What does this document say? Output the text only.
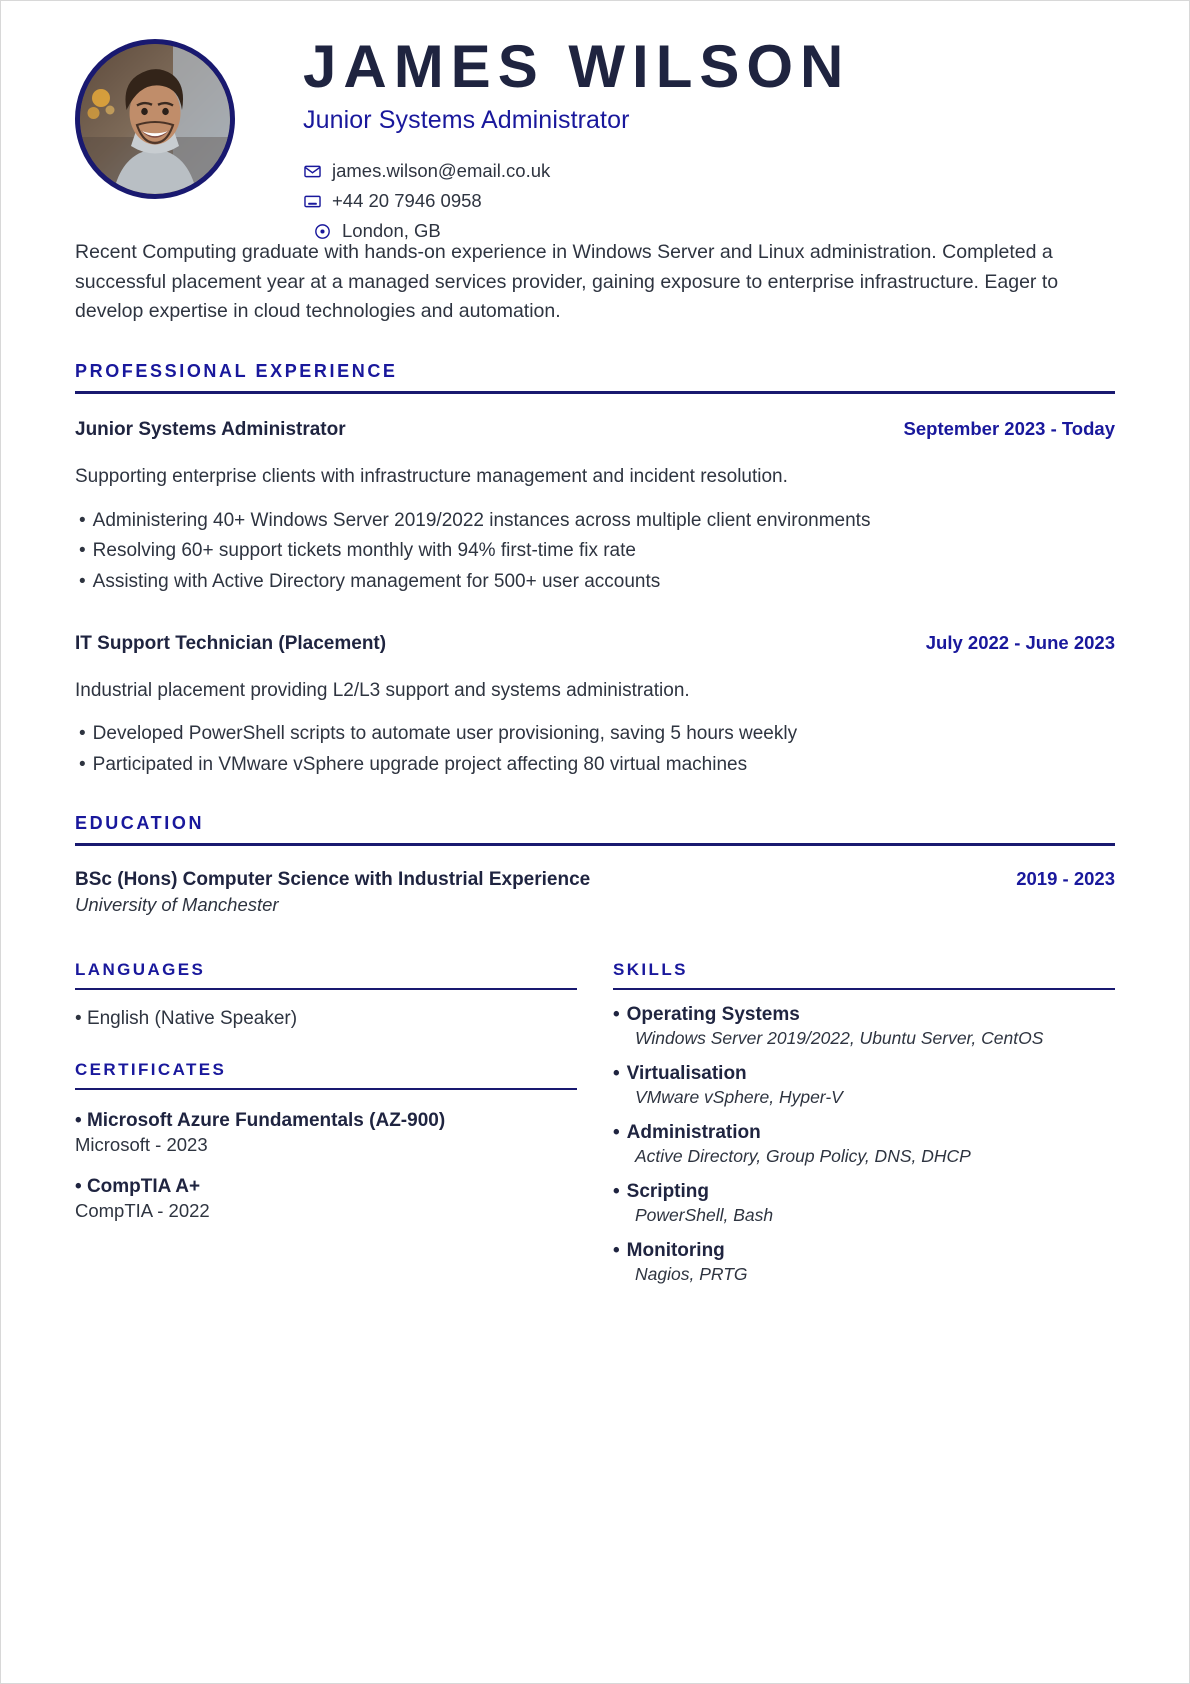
JAMES WILSON
Junior Systems Administrator
james.wilson@email.co.uk
+44 20 7946 0958
London, GB
Recent Computing graduate with hands-on experience in Windows Server and Linux administration. Completed a successful placement year at a managed services provider, gaining exposure to enterprise infrastructure. Eager to develop expertise in cloud technologies and automation.
PROFESSIONAL EXPERIENCE
Junior Systems Administrator	September 2023 - Today
Supporting enterprise clients with infrastructure management and incident resolution.
• Administering 40+ Windows Server 2019/2022 instances across multiple client environments
• Resolving 60+ support tickets monthly with 94% first-time fix rate
• Assisting with Active Directory management for 500+ user accounts
IT Support Technician (Placement)	July 2022 - June 2023
Industrial placement providing L2/L3 support and systems administration.
• Developed PowerShell scripts to automate user provisioning, saving 5 hours weekly
• Participated in VMware vSphere upgrade project affecting 80 virtual machines
EDUCATION
BSc (Hons) Computer Science with Industrial Experience	2019 - 2023
University of Manchester
LANGUAGES
• English (Native Speaker)
CERTIFICATES
• Microsoft Azure Fundamentals (AZ-900)
Microsoft - 2023
• CompTIA A+
CompTIA - 2022
SKILLS
• Operating Systems
Windows Server 2019/2022, Ubuntu Server, CentOS
• Virtualisation
VMware vSphere, Hyper-V
• Administration
Active Directory, Group Policy, DNS, DHCP
• Scripting
PowerShell, Bash
• Monitoring
Nagios, PRTG
